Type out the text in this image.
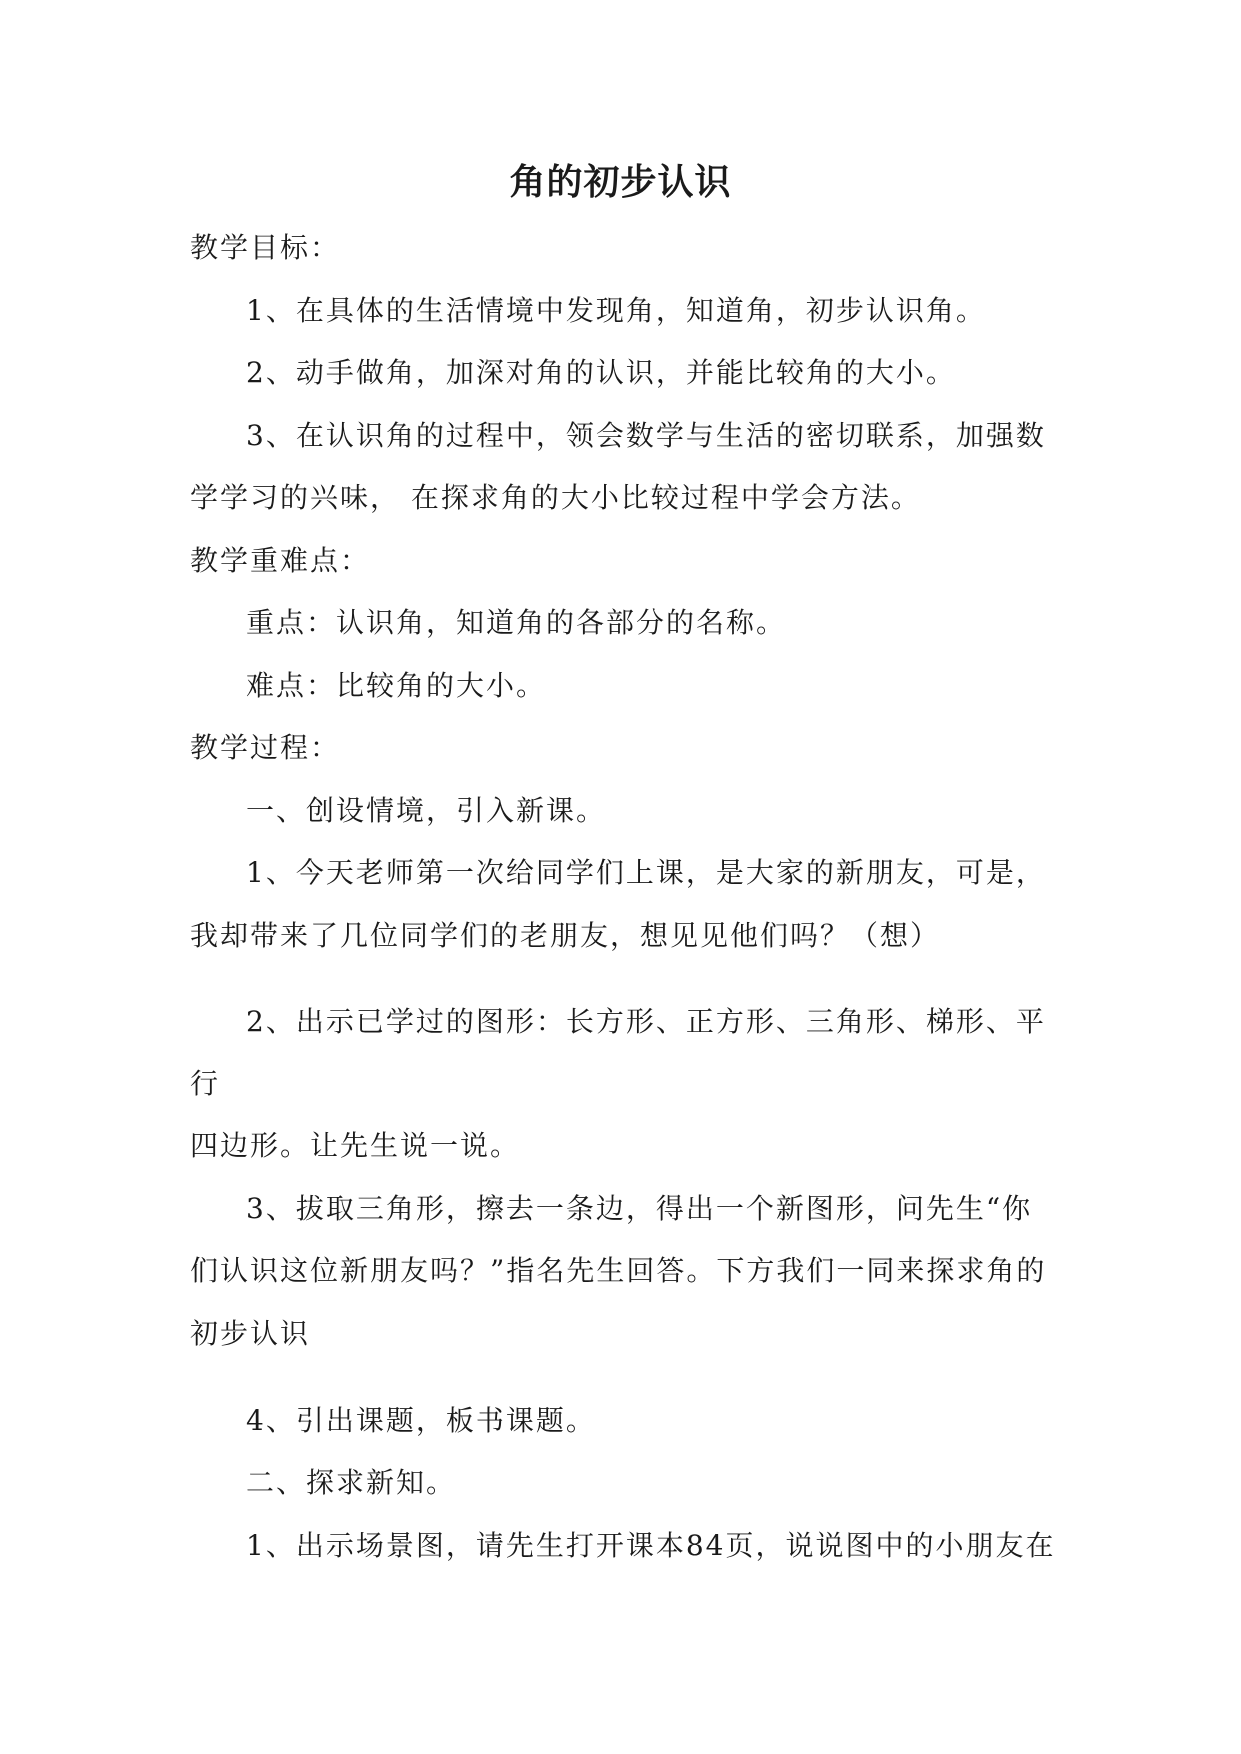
角的初步认识
教学目标：
1、在具体的生活情境中发现角，知道角，初步认识角。
2、动手做角，加深对角的认识，并能比较角的大小。
3、在认识角的过程中，领会数学与生活的密切联系，加强数
学学习的兴味， 在探求角的大小比较过程中学会方法。
教学重难点：
重点：认识角，知道角的各部分的名称。
难点：比较角的大小。
教学过程：
一、创设情境，引入新课。
1、今天老师第一次给同学们上课，是大家的新朋友，可是，
我却带来了几位同学们的老朋友，想见见他们吗？（想）
2、出示已学过的图形：长方形、正方形、三角形、梯形、平
行
四边形。让先生说一说。
3、拔取三角形，擦去一条边，得出一个新图形，问先生“你
们认识这位新朋友吗？”指名先生回答。下方我们一同来探求角的
初步认识
4、引出课题，板书课题。
二、探求新知。
1、出示场景图，请先生打开课本84页，说说图中的小朋友在
